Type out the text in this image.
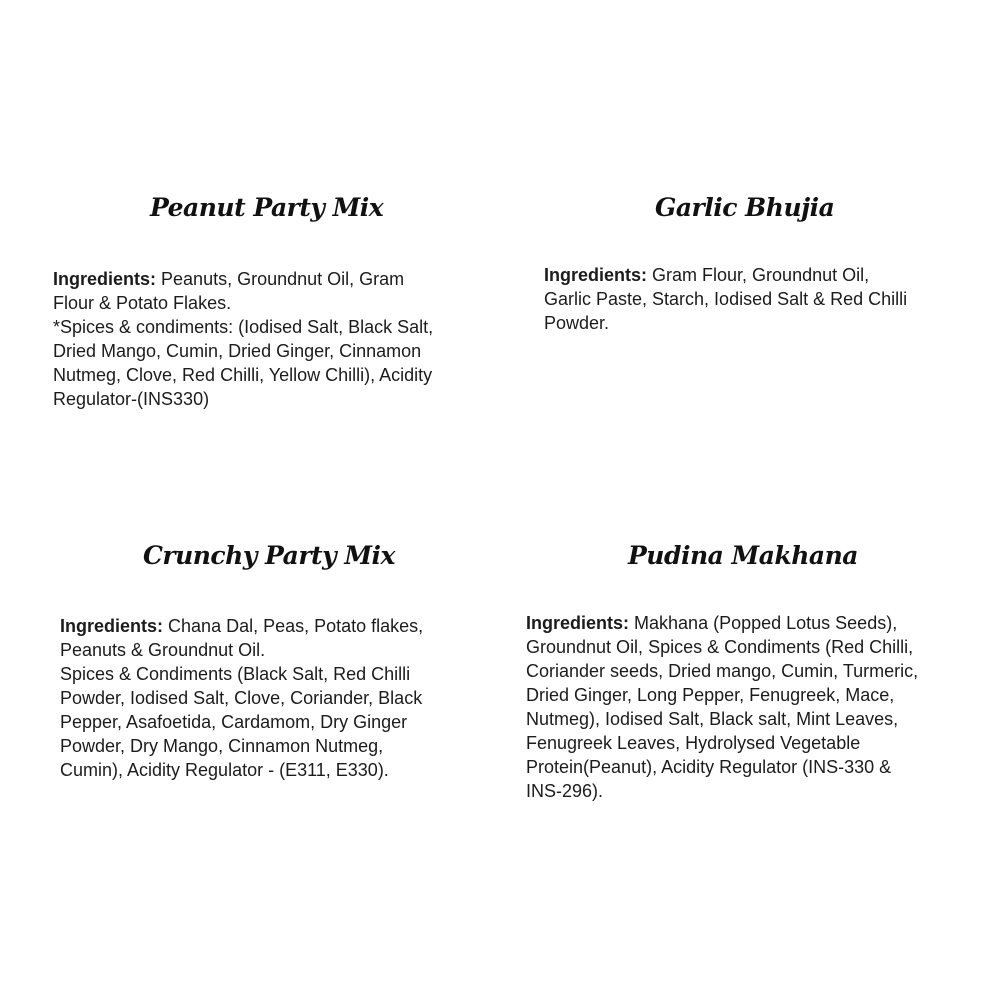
Peanut Party Mix
Ingredients: Peanuts, Groundnut Oil, Gram
Flour & Potato Flakes.
*Spices & condiments: (Iodised Salt, Black Salt,
Dried Mango, Cumin, Dried Ginger, Cinnamon
Nutmeg, Clove, Red Chilli, Yellow Chilli), Acidity
Regulator-(INS330)
Garlic Bhujia
Ingredients: Gram Flour, Groundnut Oil,
Garlic Paste, Starch, Iodised Salt & Red Chilli
Powder.
Crunchy Party Mix
Ingredients: Chana Dal, Peas, Potato flakes,
Peanuts & Groundnut Oil.
Spices & Condiments (Black Salt, Red Chilli
Powder, Iodised Salt, Clove, Coriander, Black
Pepper, Asafoetida, Cardamom, Dry Ginger
Powder, Dry Mango, Cinnamon Nutmeg,
Cumin), Acidity Regulator - (E311, E330).
Pudina Makhana
Ingredients: Makhana (Popped Lotus Seeds),
Groundnut Oil, Spices & Condiments (Red Chilli,
Coriander seeds, Dried mango, Cumin, Turmeric,
Dried Ginger, Long Pepper, Fenugreek, Mace,
Nutmeg), Iodised Salt, Black salt, Mint Leaves,
Fenugreek Leaves, Hydrolysed Vegetable
Protein(Peanut), Acidity Regulator (INS-330 &
INS-296).
